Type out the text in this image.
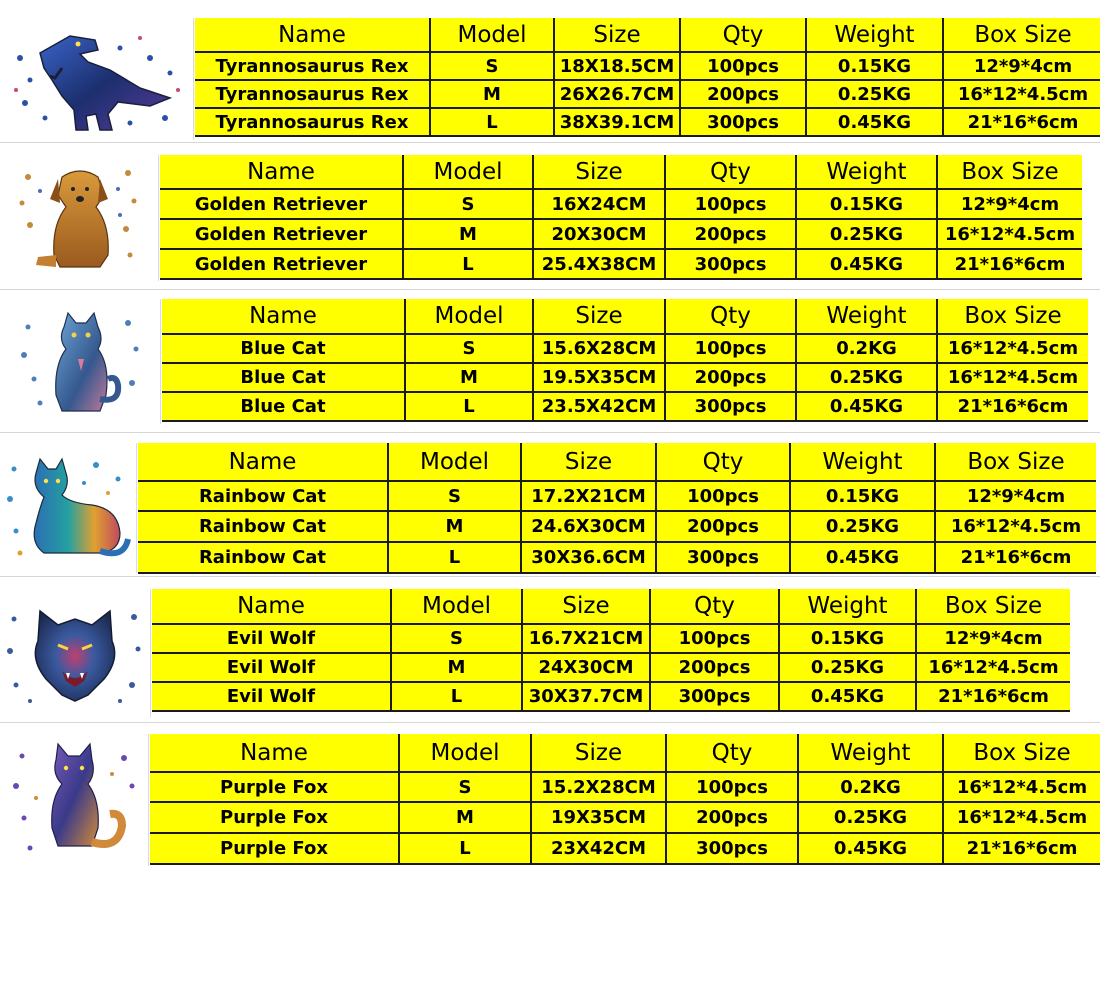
Name	Model	Size	Qty	Weight	Box Size
Tyrannosaurus Rex	S	18X18.5CM	100pcs	0.15KG	12*9*4cm
Tyrannosaurus Rex	M	26X26.7CM	200pcs	0.25KG	16*12*4.5cm
Tyrannosaurus Rex	L	38X39.1CM	300pcs	0.45KG	21*16*6cm
Name	Model	Size	Qty	Weight	Box Size
Golden Retriever	S	16X24CM	100pcs	0.15KG	12*9*4cm
Golden Retriever	M	20X30CM	200pcs	0.25KG	16*12*4.5cm
Golden Retriever	L	25.4X38CM	300pcs	0.45KG	21*16*6cm
Name	Model	Size	Qty	Weight	Box Size
Blue Cat	S	15.6X28CM	100pcs	0.2KG	16*12*4.5cm
Blue Cat	M	19.5X35CM	200pcs	0.25KG	16*12*4.5cm
Blue Cat	L	23.5X42CM	300pcs	0.45KG	21*16*6cm
Name	Model	Size	Qty	Weight	Box Size
Rainbow Cat	S	17.2X21CM	100pcs	0.15KG	12*9*4cm
Rainbow Cat	M	24.6X30CM	200pcs	0.25KG	16*12*4.5cm
Rainbow Cat	L	30X36.6CM	300pcs	0.45KG	21*16*6cm
Name	Model	Size	Qty	Weight	Box Size
Evil Wolf	S	16.7X21CM	100pcs	0.15KG	12*9*4cm
Evil Wolf	M	24X30CM	200pcs	0.25KG	16*12*4.5cm
Evil Wolf	L	30X37.7CM	300pcs	0.45KG	21*16*6cm
Name	Model	Size	Qty	Weight	Box Size
Purple Fox	S	15.2X28CM	100pcs	0.2KG	16*12*4.5cm
Purple Fox	M	19X35CM	200pcs	0.25KG	16*12*4.5cm
Purple Fox	L	23X42CM	300pcs	0.45KG	21*16*6cm
